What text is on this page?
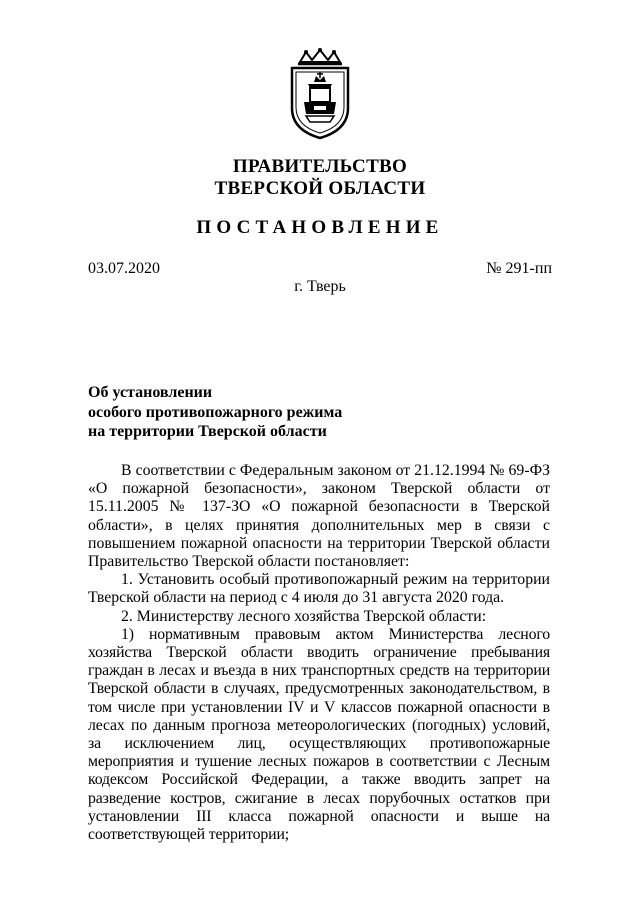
ПРАВИТЕЛЬСТВО
ТВЕРСКОЙ ОБЛАСТИ
ПОСТАНОВЛЕНИЕ
03.07.2020	№ 291-пп
г. Тверь
Об установлении
особого противопожарного режима
на территории Тверской области

В соответствии с Федеральным законом от 21.12.1994 № 69-ФЗ «О пожарной безопасности», законом Тверской области от 15.11.2005 № 137-ЗО «О пожарной безопасности в Тверской области», в целях принятия дополнительных мер в связи с повышением пожарной опасности на территории Тверской области Правительство Тверской области постановляет:

1. Установить особый противопожарный режим на территории Тверской области на период с 4 июля до 31 августа 2020 года.

2. Министерству лесного хозяйства Тверской области:

1) нормативным правовым актом Министерства лесного хозяйства Тверской области вводить ограничение пребывания граждан в лесах и въезда в них транспортных средств на территории Тверской области в случаях, предусмотренных законодательством, в том числе при установлении IV и V классов пожарной опасности в лесах по данным прогноза метеорологических (погодных) условий, за исключением лиц, осуществляющих противопожарные мероприятия и тушение лесных пожаров в соответствии с Лесным кодексом Российской Федерации, а также вводить запрет на разведение костров, сжигание в лесах порубочных остатков при установлении III класса пожарной опасности и выше на соответствующей территории;
